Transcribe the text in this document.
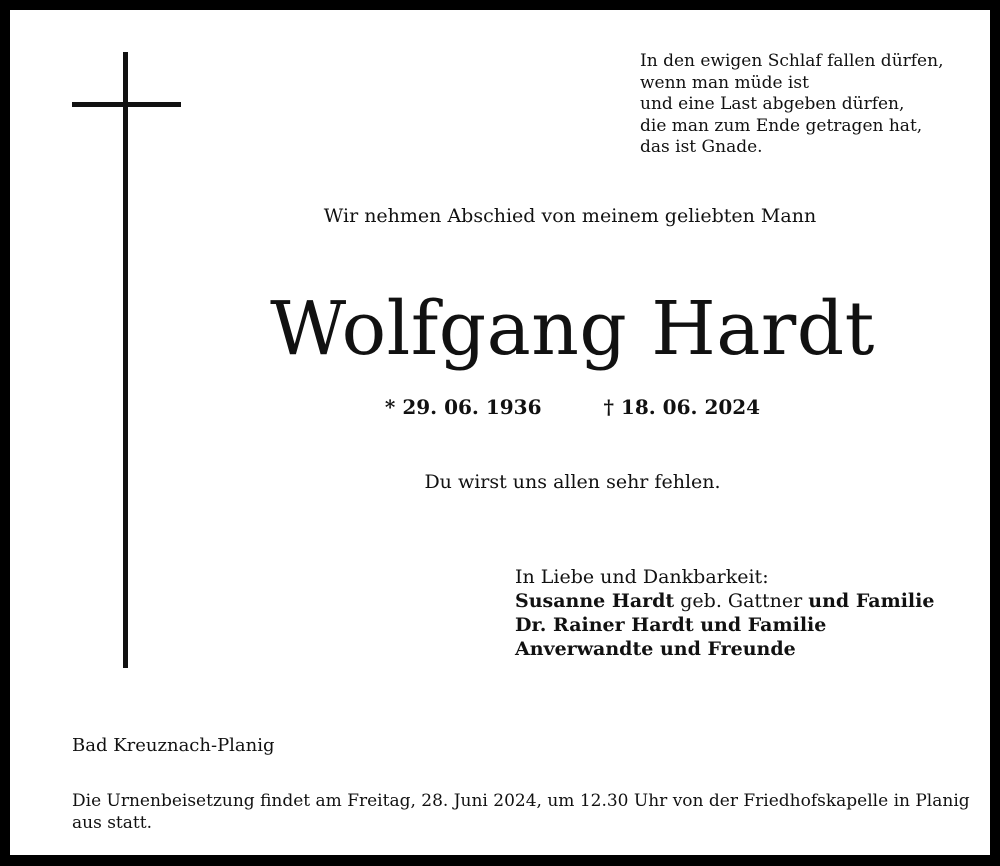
In den ewigen Schlaf fallen dürfen,
wenn man müde ist
und eine Last abgeben dürfen,
die man zum Ende getragen hat,
das ist Gnade.
Wir nehmen Abschied von meinem geliebten Mann
Wolfgang Hardt
* 29. 06. 1936	† 18. 06. 2024
Du wirst uns allen sehr fehlen.
In Liebe und Dankbarkeit:
Susanne Hardt geb. Gattner und Familie
Dr. Rainer Hardt und Familie
Anverwandte und Freunde
Bad Kreuznach-Planig
Die Urnenbeisetzung findet am Freitag, 28. Juni 2024, um 12.30 Uhr von der Friedhofskapelle in Planig
aus statt.
